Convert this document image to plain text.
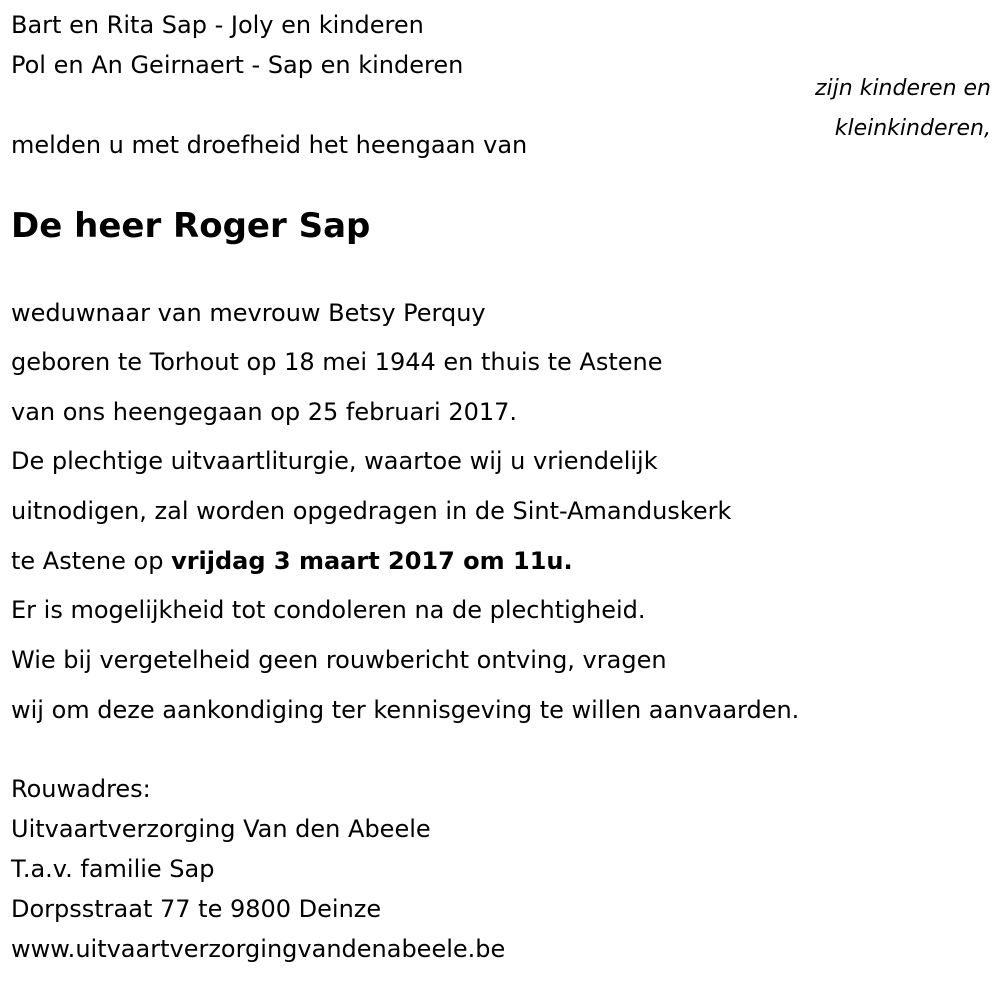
Bart en Rita Sap - Joly en kinderen
Pol en An Geirnaert - Sap en kinderen
zijn kinderen en
kleinkinderen,
melden u met droefheid het heengaan van
De heer Roger Sap
weduwnaar van mevrouw Betsy Perquy
geboren te Torhout op 18 mei 1944 en thuis te Astene
van ons heengegaan op 25 februari 2017.
De plechtige uitvaartliturgie, waartoe wij u vriendelijk
uitnodigen, zal worden opgedragen in de Sint-Amanduskerk
te Astene op vrijdag 3 maart 2017 om 11u.
Er is mogelijkheid tot condoleren na de plechtigheid.
Wie bij vergetelheid geen rouwbericht ontving, vragen
wij om deze aankondiging ter kennisgeving te willen aanvaarden.
Rouwadres:
Uitvaartverzorging Van den Abeele
T.a.v. familie Sap
Dorpsstraat 77 te 9800 Deinze
www.uitvaartverzorgingvandenabeele.be
